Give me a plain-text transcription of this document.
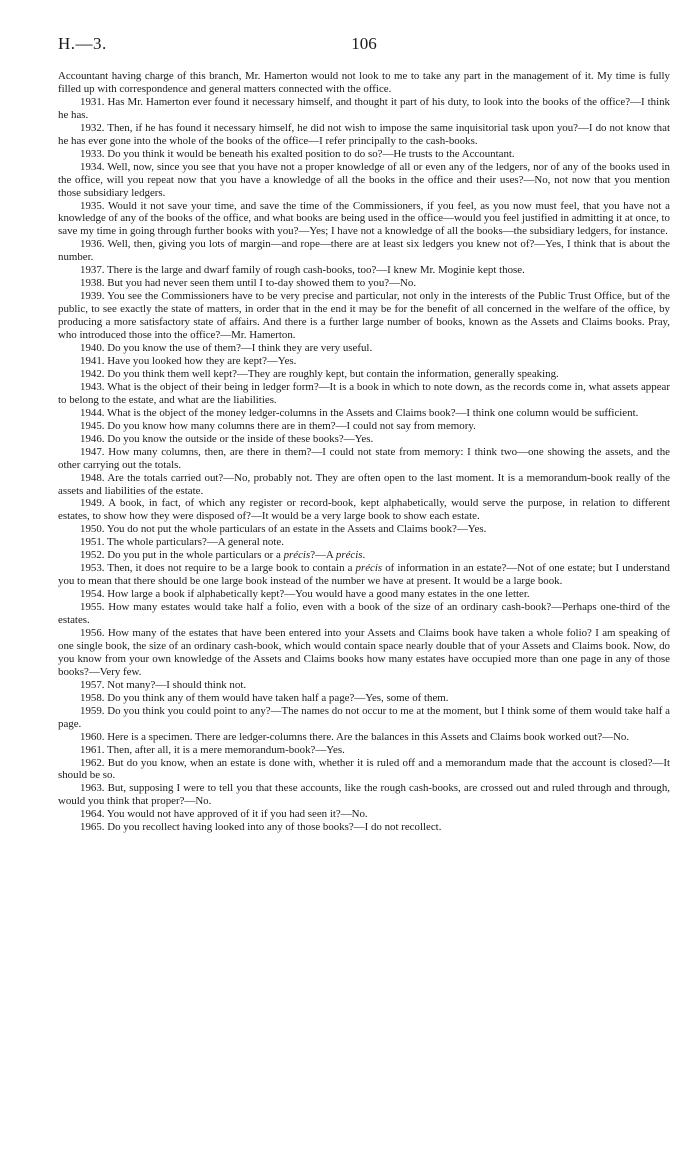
H.—3.	106

Accountant having charge of this branch, Mr. Hamerton would not look to me to take any part in the management of it. My time is fully filled up with correspondence and general matters connected with the office.

1931. Has Mr. Hamerton ever found it necessary himself, and thought it part of his duty, to look into the books of the office?—I think he has.

1932. Then, if he has found it necessary himself, he did not wish to impose the same inquisitorial task upon you?—I do not know that he has ever gone into the whole of the books of the office—I refer principally to the cash-books.

1933. Do you think it would be beneath his exalted position to do so?—He trusts to the Accountant.

1934. Well, now, since you see that you have not a proper knowledge of all or even any of the ledgers, nor of any of the books used in the office, will you repeat now that you have a knowledge of all the books in the office and their uses?—No, not now that you mention those subsidiary ledgers.

1935. Would it not save your time, and save the time of the Commissioners, if you feel, as you now must feel, that you have not a knowledge of any of the books of the office, and what books are being used in the office—would you feel justified in admitting it at once, to save my time in going through further books with you?—Yes; I have not a knowledge of all the books—the subsidiary ledgers, for instance.

1936. Well, then, giving you lots of margin—and rope—there are at least six ledgers you knew not of?—Yes, I think that is about the number.

1937. There is the large and dwarf family of rough cash-books, too?—I knew Mr. Moginie kept those.

1938. But you had never seen them until I to-day showed them to you?—No.

1939. You see the Commissioners have to be very precise and particular, not only in the interests of the Public Trust Office, but of the public, to see exactly the state of matters, in order that in the end it may be for the benefit of all concerned in the welfare of the office, by producing a more satisfactory state of affairs. And there is a further large number of books, known as the Assets and Claims books. Pray, who introduced those into the office?—Mr. Hamerton.

1940. Do you know the use of them?—I think they are very useful.

1941. Have you looked how they are kept?—Yes.

1942. Do you think them well kept?—They are roughly kept, but contain the information, generally speaking.

1943. What is the object of their being in ledger form?—It is a book in which to note down, as the records come in, what assets appear to belong to the estate, and what are the liabilities.

1944. What is the object of the money ledger-columns in the Assets and Claims book?—I think one column would be sufficient.

1945. Do you know how many columns there are in them?—I could not say from memory.

1946. Do you know the outside or the inside of these books?—Yes.

1947. How many columns, then, are there in them?—I could not state from memory: I think two—one showing the assets, and the other carrying out the totals.

1948. Are the totals carried out?—No, probably not. They are often open to the last moment. It is a memorandum-book really of the assets and liabilities of the estate.

1949. A book, in fact, of which any register or record-book, kept alphabetically, would serve the purpose, in relation to different estates, to show how they were disposed of?—It would be a very large book to show each estate.

1950. You do not put the whole particulars of an estate in the Assets and Claims book?—Yes.

1951. The whole particulars?—A general note.

1952. Do you put in the whole particulars or a précis?—A précis.

1953. Then, it does not require to be a large book to contain a précis of information in an estate?—Not of one estate; but I understand you to mean that there should be one large book instead of the number we have at present. It would be a large book.

1954. How large a book if alphabetically kept?—You would have a good many estates in the one letter.

1955. How many estates would take half a folio, even with a book of the size of an ordinary cash-book?—Perhaps one-third of the estates.

1956. How many of the estates that have been entered into your Assets and Claims book have taken a whole folio? I am speaking of one single book, the size of an ordinary cash-book, which would contain space nearly double that of your Assets and Claims book. Now, do you know from your own knowledge of the Assets and Claims books how many estates have occupied more than one page in any of those books?—Very few.

1957. Not many?—I should think not.

1958. Do you think any of them would have taken half a page?—Yes, some of them.

1959. Do you think you could point to any?—The names do not occur to me at the moment, but I think some of them would take half a page.

1960. Here is a specimen. There are ledger-columns there. Are the balances in this Assets and Claims book worked out?—No.

1961. Then, after all, it is a mere memorandum-book?—Yes.

1962. But do you know, when an estate is done with, whether it is ruled off and a memorandum made that the account is closed?—It should be so.

1963. But, supposing I were to tell you that these accounts, like the rough cash-books, are crossed out and ruled through and through, would you think that proper?—No.

1964. You would not have approved of it if you had seen it?—No.

1965. Do you recollect having looked into any of those books?—I do not recollect.
